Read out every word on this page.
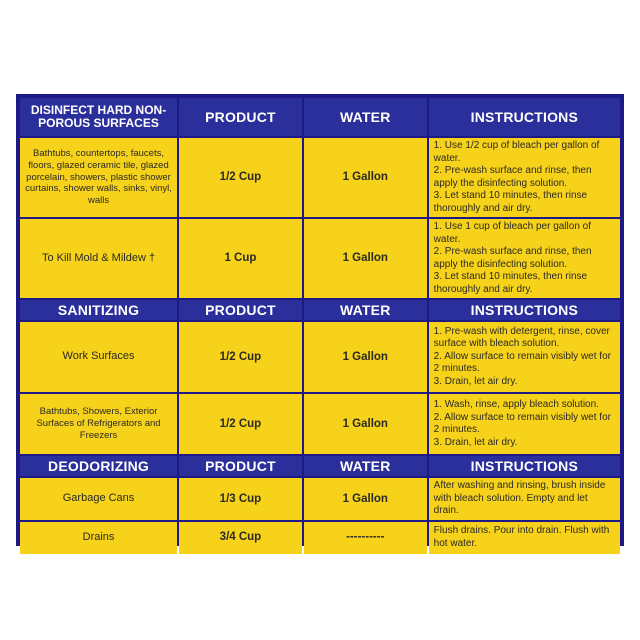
DISINFECT HARD NON-POROUS SURFACES	PRODUCT	WATER	INSTRUCTIONS
Bathtubs, countertops, faucets, floors, glazed ceramic tile, glazed porcelain, showers, plastic shower curtains, shower walls, sinks, vinyl, walls	1/2 Cup	1 Gallon	1. Use 1/2 cup of bleach per gallon of water.
2. Pre-wash surface and rinse, then apply the disinfecting solution.
3. Let stand 10 minutes, then rinse thoroughly and air dry.

To Kill Mold & Mildew †	1 Cup	1 Gallon	1. Use 1 cup of bleach per gallon of water.
2. Pre-wash surface and rinse, then apply the disinfecting solution.
3. Let stand 10 minutes, then rinse thoroughly and air dry.

SANITIZING	PRODUCT	WATER	INSTRUCTIONS
Work Surfaces	1/2 Cup	1 Gallon	1. Pre-wash with detergent, rinse, cover surface with bleach solution.
2. Allow surface to remain visibly wet for 2 minutes.
3. Drain, let air dry.

Bathtubs, Showers, Exterior Surfaces of Refrigerators and Freezers	1/2 Cup	1 Gallon	1. Wash, rinse, apply bleach solution.
2. Allow surface to remain visibly wet for 2 minutes.
3. Drain, let air dry.

DEODORIZING	PRODUCT	WATER	INSTRUCTIONS
Garbage Cans	1/3 Cup	1 Gallon	After washing and rinsing, brush inside with bleach solution. Empty and let drain.

Drains	3/4 Cup	----------	Flush drains. Pour into drain. Flush with hot water.
